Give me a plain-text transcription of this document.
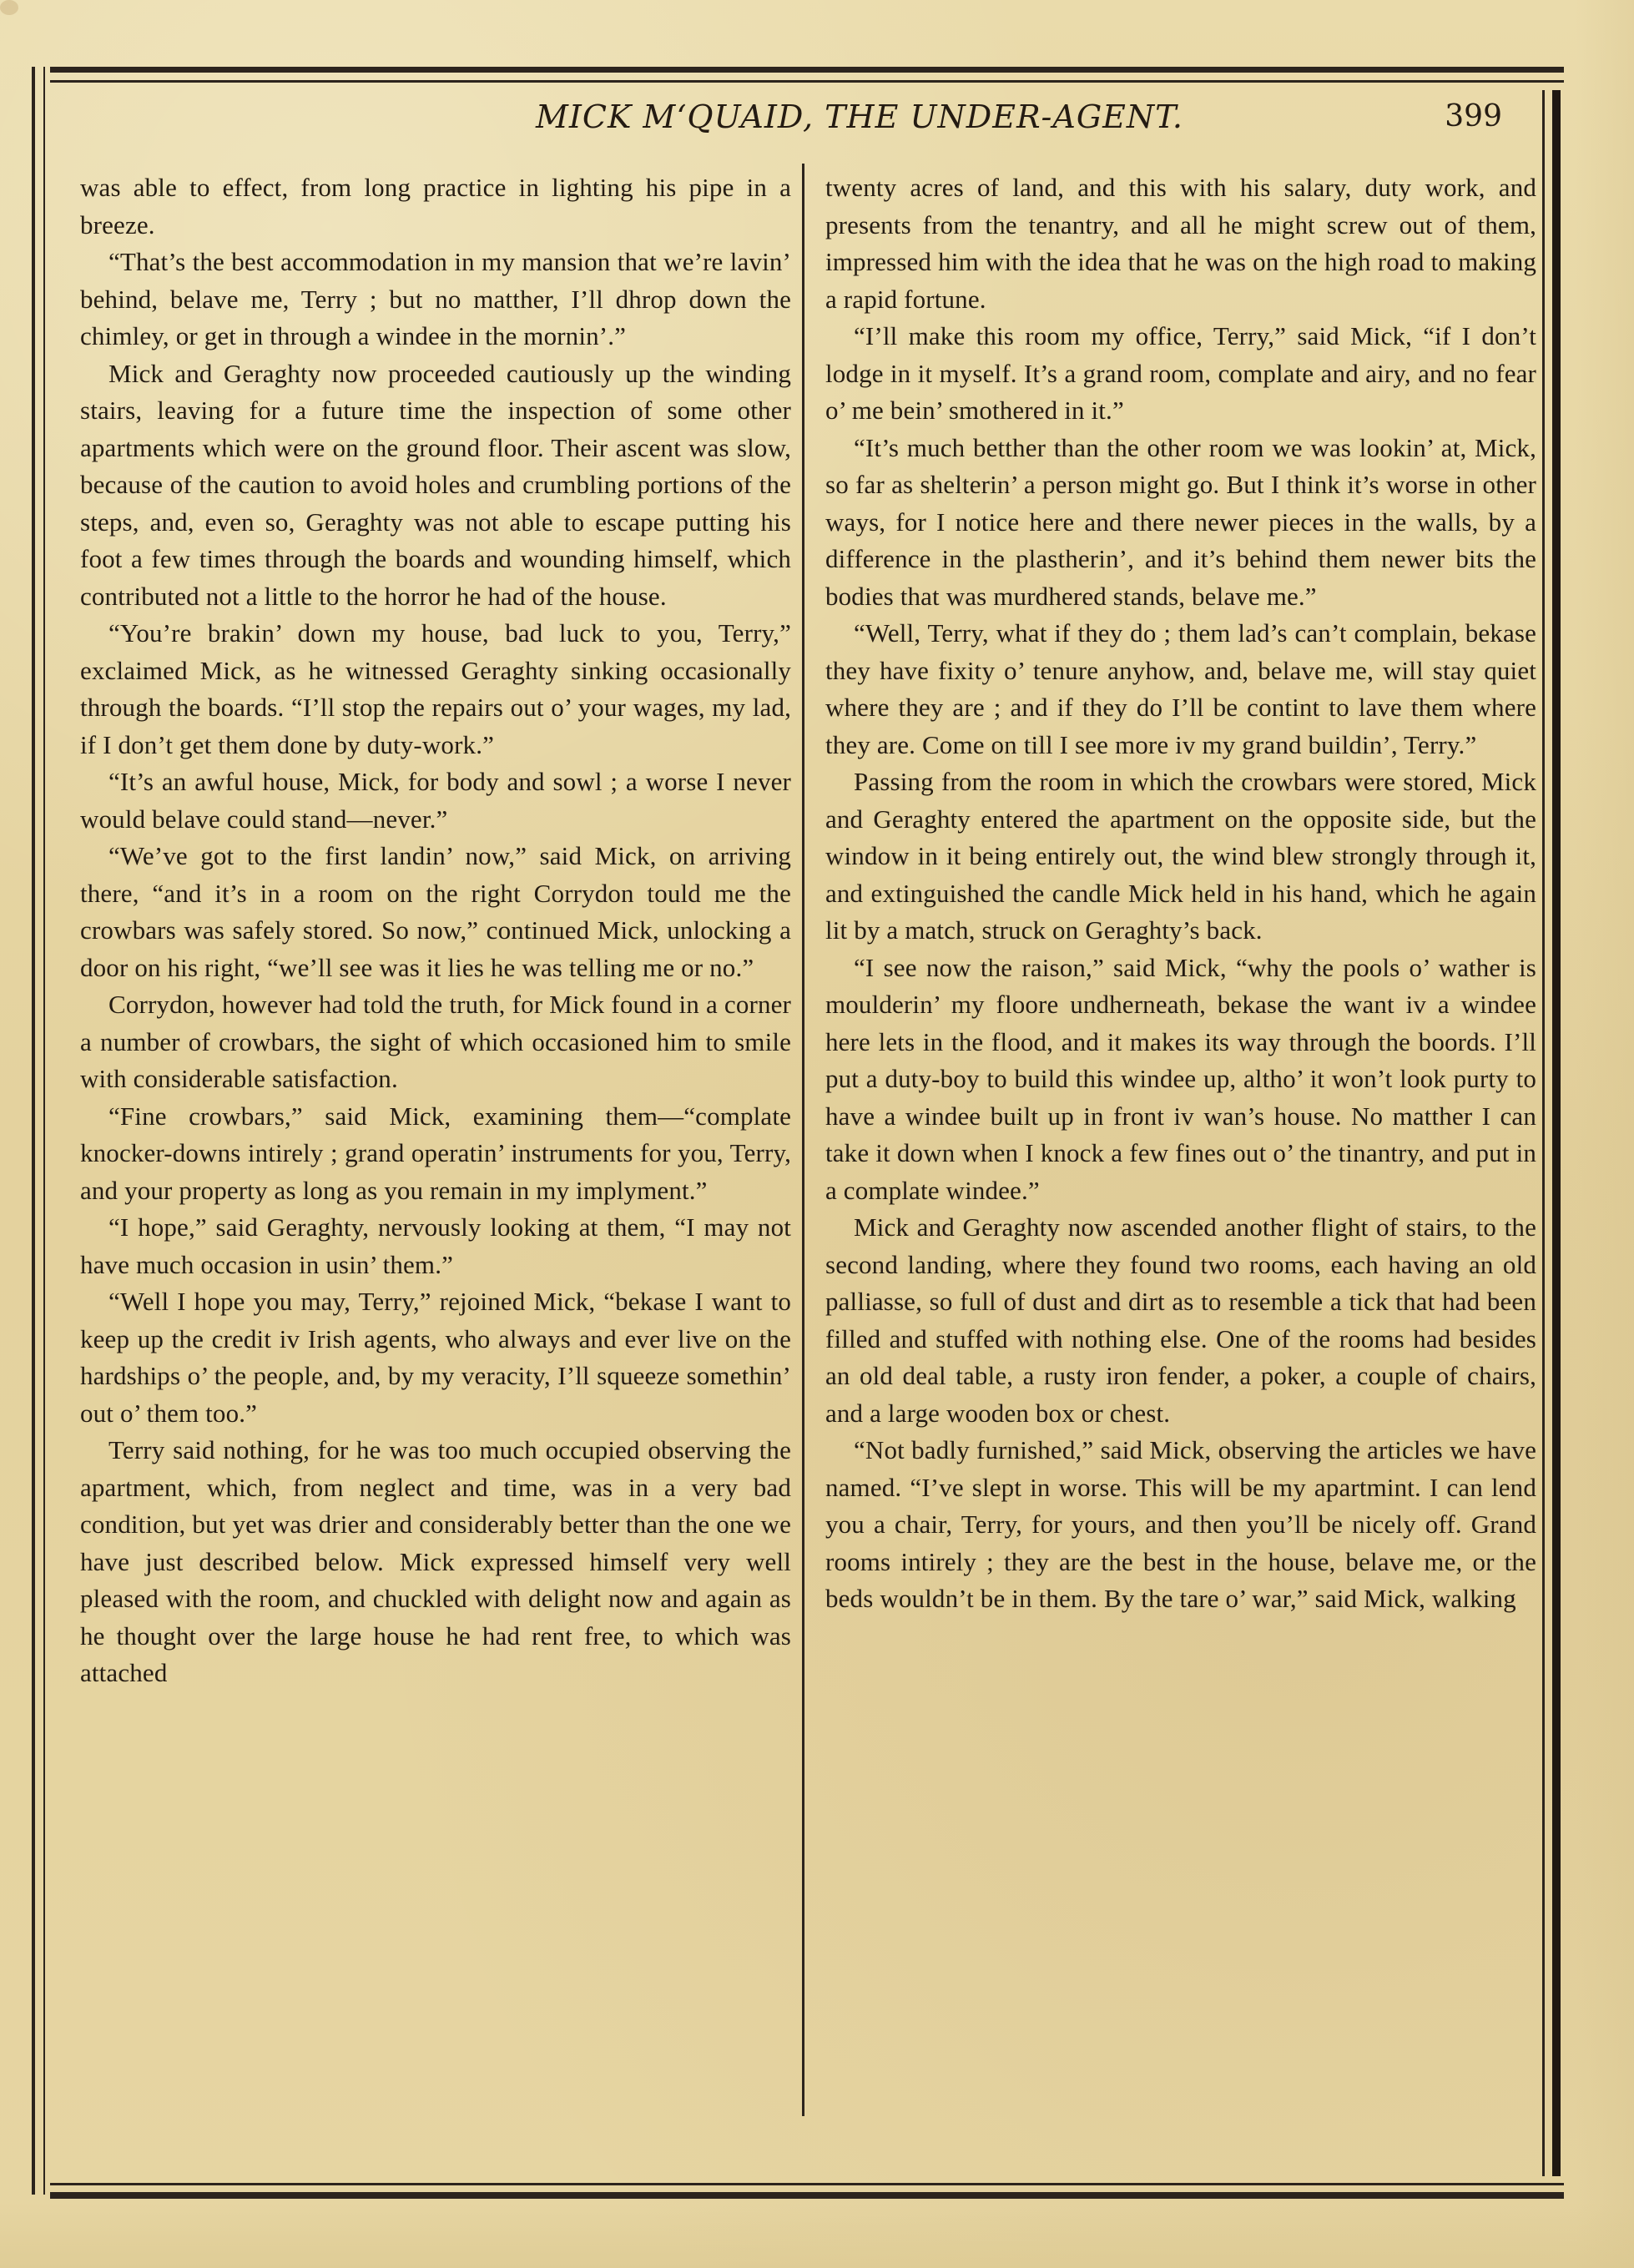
MICK M‘QUAID, THE UNDER-AGENT.	399

was able to effect, from long practice in lighting his pipe in a breeze.

“That’s the best accommodation in my mansion that we’re lavin’ behind, belave me, Terry ; but no matther, I’ll dhrop down the chimley, or get in through a windee in the mornin’.”

Mick and Geraghty now proceeded cautiously up the winding stairs, leaving for a future time the inspection of some other apartments which were on the ground floor. Their ascent was slow, because of the caution to avoid holes and crumbling portions of the steps, and, even so, Geraghty was not able to escape putting his foot a few times through the boards and wounding himself, which contributed not a little to the horror he had of the house.

“You’re brakin’ down my house, bad luck to you, Terry,” exclaimed Mick, as he witnessed Geraghty sinking occasionally through the boards. “I’ll stop the repairs out o’ your wages, my lad, if I don’t get them done by duty-work.”

“It’s an awful house, Mick, for body and sowl ; a worse I never would belave could stand—never.”

“We’ve got to the first landin’ now,” said Mick, on arriving there, “and it’s in a room on the right Corrydon tould me the crowbars was safely stored. So now,” continued Mick, unlocking a door on his right, “we’ll see was it lies he was telling me or no.”

Corrydon, however had told the truth, for Mick found in a corner a number of crowbars, the sight of which occasioned him to smile with considerable satisfaction.

“Fine crowbars,” said Mick, examining them—“complate knocker-downs intirely ; grand operatin’ instruments for you, Terry, and your property as long as you remain in my implyment.”

“I hope,” said Geraghty, nervously looking at them, “I may not have much occasion in usin’ them.”

“Well I hope you may, Terry,” rejoined Mick, “bekase I want to keep up the credit iv Irish agents, who always and ever live on the hardships o’ the people, and, by my veracity, I’ll squeeze somethin’ out o’ them too.”

Terry said nothing, for he was too much occupied observing the apartment, which, from neglect and time, was in a very bad condition, but yet was drier and considerably better than the one we have just described below. Mick expressed himself very well pleased with the room, and chuckled with delight now and again as he thought over the large house he had rent free, to which was attached

twenty acres of land, and this with his salary, duty work, and presents from the tenantry, and all he might screw out of them, impressed him with the idea that he was on the high road to making a rapid fortune.

“I’ll make this room my office, Terry,” said Mick, “if I don’t lodge in it myself. It’s a grand room, complate and airy, and no fear o’ me bein’ smothered in it.”

“It’s much betther than the other room we was lookin’ at, Mick, so far as shelterin’ a person might go. But I think it’s worse in other ways, for I notice here and there newer pieces in the walls, by a difference in the plastherin’, and it’s behind them newer bits the bodies that was murdhered stands, belave me.”

“Well, Terry, what if they do ; them lad’s can’t complain, bekase they have fixity o’ tenure anyhow, and, belave me, will stay quiet where they are ; and if they do I’ll be contint to lave them where they are. Come on till I see more iv my grand buildin’, Terry.”

Passing from the room in which the crowbars were stored, Mick and Geraghty entered the apartment on the opposite side, but the window in it being entirely out, the wind blew strongly through it, and extinguished the candle Mick held in his hand, which he again lit by a match, struck on Geraghty’s back.

“I see now the raison,” said Mick, “why the pools o’ wather is moulderin’ my floore undherneath, bekase the want iv a windee here lets in the flood, and it makes its way through the boords. I’ll put a duty-boy to build this windee up, altho’ it won’t look purty to have a windee built up in front iv wan’s house. No matther I can take it down when I knock a few fines out o’ the tinantry, and put in a complate windee.”

Mick and Geraghty now ascended another flight of stairs, to the second landing, where they found two rooms, each having an old palliasse, so full of dust and dirt as to resemble a tick that had been filled and stuffed with nothing else. One of the rooms had besides an old deal table, a rusty iron fender, a poker, a couple of chairs, and a large wooden box or chest.

“Not badly furnished,” said Mick, observing the articles we have named. “I’ve slept in worse. This will be my apartmint. I can lend you a chair, Terry, for yours, and then you’ll be nicely off. Grand rooms intirely ; they are the best in the house, belave me, or the beds wouldn’t be in them. By the tare o’ war,” said Mick, walking
